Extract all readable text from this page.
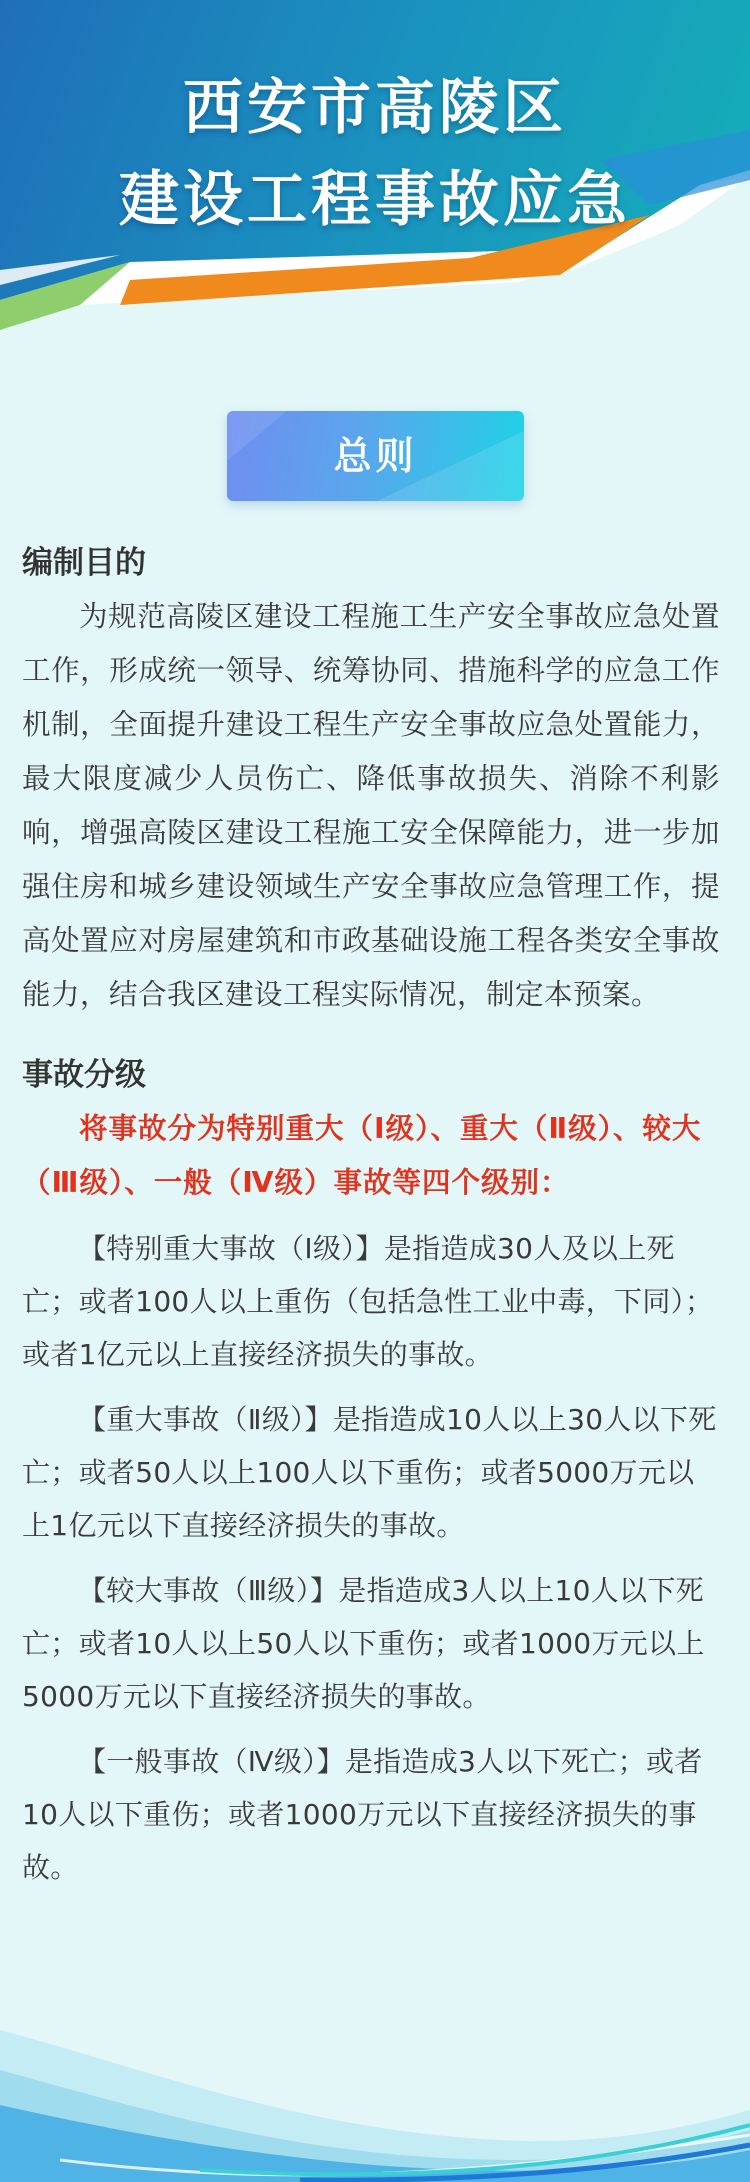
西安市高陵区
建设工程事故应急
总则
编制目的

为规范高陵区建设工程施工生产安全事故应急处置工作，形成统一领导、统筹协同、措施科学的应急工作机制，全面提升建设工程生产安全事故应急处置能力，最大限度减少人员伤亡、降低事故损失、消除不利影响，增强高陵区建设工程施工安全保障能力，进一步加强住房和城乡建设领域生产安全事故应急管理工作，提高处置应对房屋建筑和市政基础设施工程各类安全事故能力，结合我区建设工程实际情况，制定本预案。

事故分级

将事故分为特别重大（Ⅰ级）、重大（Ⅱ级）、较大（Ⅲ级）、一般（Ⅳ级）事故等四个级别：

【特别重大事故（Ⅰ级）】是指造成30人及以上死亡；或者100人以上重伤（包括急性工业中毒，下同）；或者1亿元以上直接经济损失的事故。

【重大事故（Ⅱ级）】是指造成10人以上30人以下死亡；或者50人以上100人以下重伤；或者5000万元以上1亿元以下直接经济损失的事故。

【较大事故（Ⅲ级）】是指造成3人以上10人以下死亡；或者10人以上50人以下重伤；或者1000万元以上5000万元以下直接经济损失的事故。

【一般事故（Ⅳ级）】是指造成3人以下死亡；或者10人以下重伤；或者1000万元以下直接经济损失的事故。
